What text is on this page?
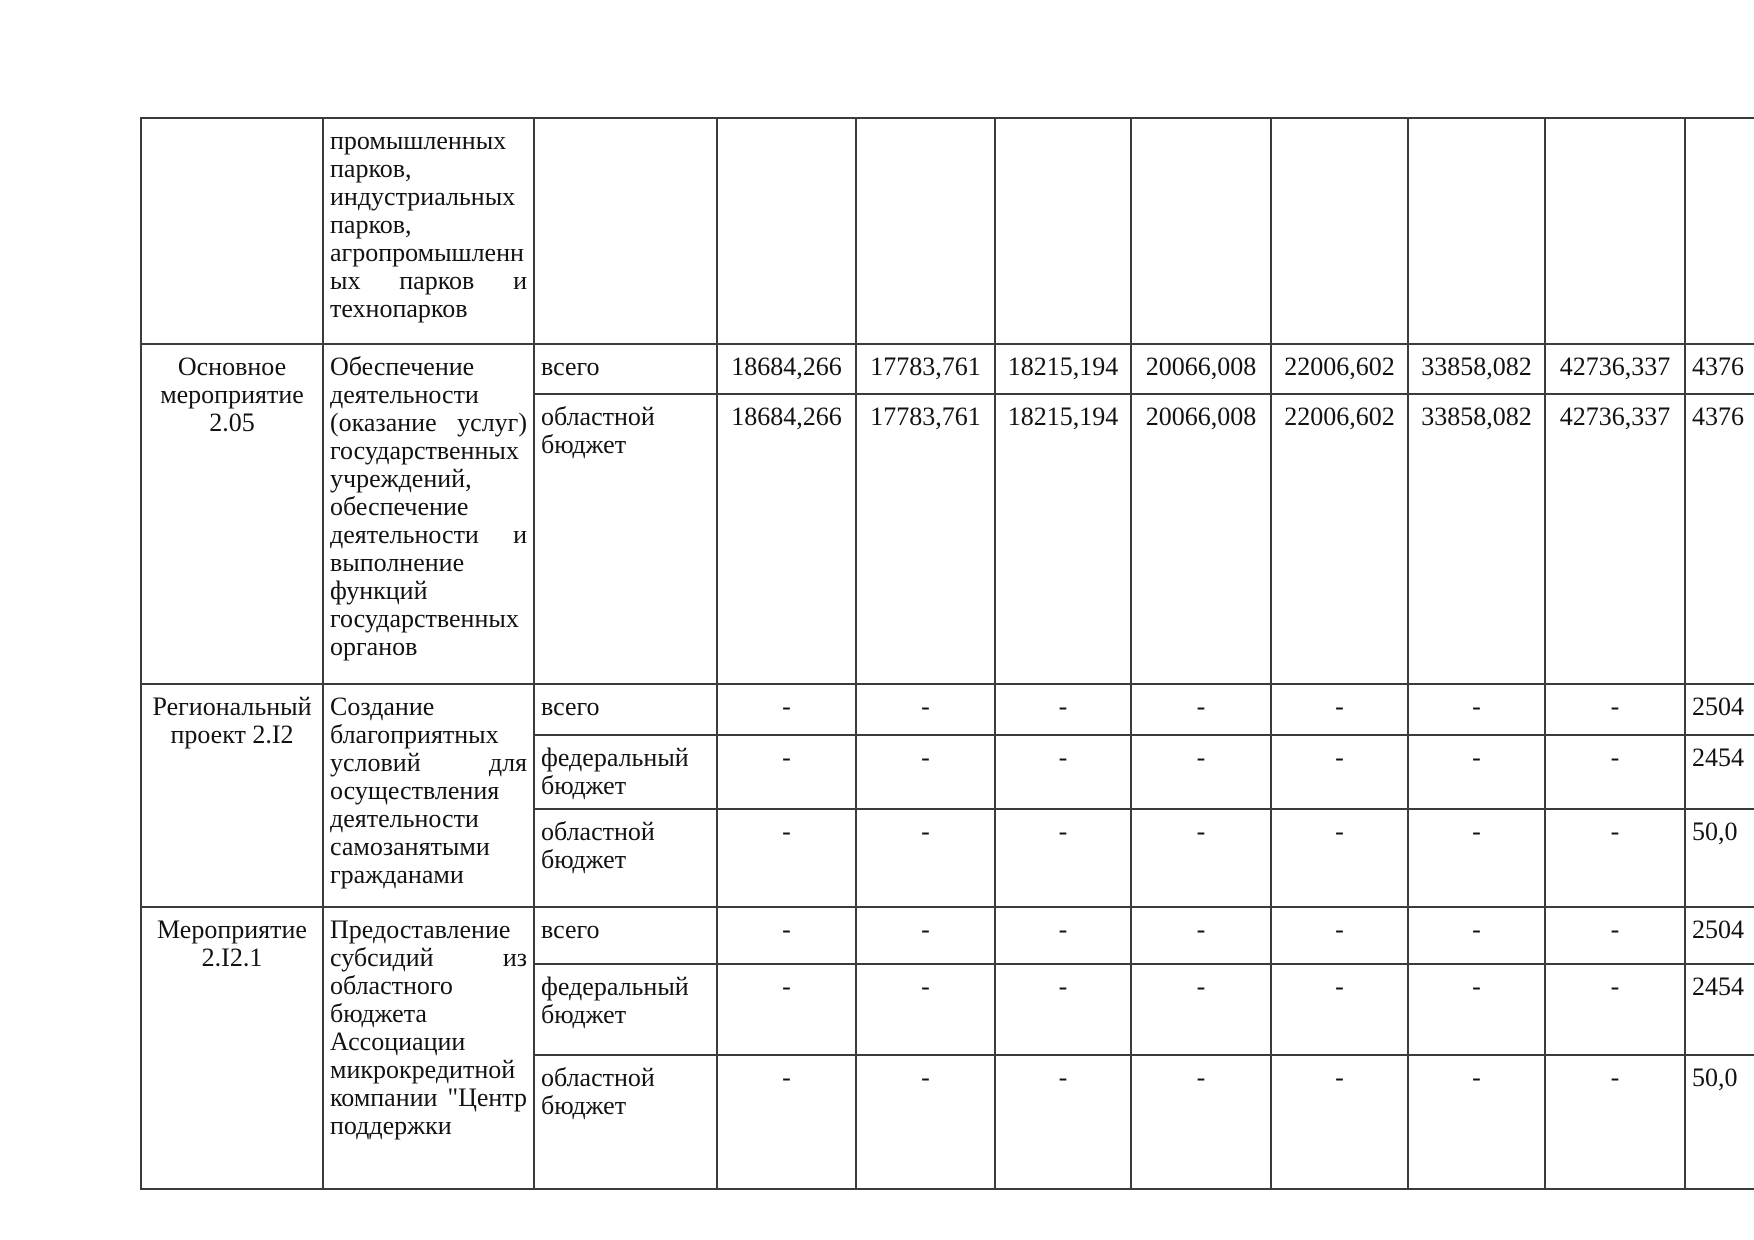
	промышленных парков, индустриальных парков, агропромышленных парков и технопарков									
Основное мероприятие 2.05	Обеспечение деятельности (оказание услуг) государственных учреждений, обеспечение деятельности и выполнение функций государственных органов	всего	18684,266	17783,761	18215,194	20066,008	22006,602	33858,082	42736,337	4376
		областной бюджет	18684,266	17783,761	18215,194	20066,008	22006,602	33858,082	42736,337	4376
Региональный проект 2.I2	Создание благоприятных условий для осуществления деятельности самозанятыми гражданами	всего	-	-	-	-	-	-	-	2504
		федеральный бюджет	-	-	-	-	-	-	-	2454
		областной бюджет	-	-	-	-	-	-	-	50,0
Мероприятие 2.I2.1	Предоставление субсидий из областного бюджета Ассоциации микрокредитной компании "Центр поддержки	всего	-	-	-	-	-	-	-	2504
		федеральный бюджет	-	-	-	-	-	-	-	2454
		областной бюджет	-	-	-	-	-	-	-	50,0
